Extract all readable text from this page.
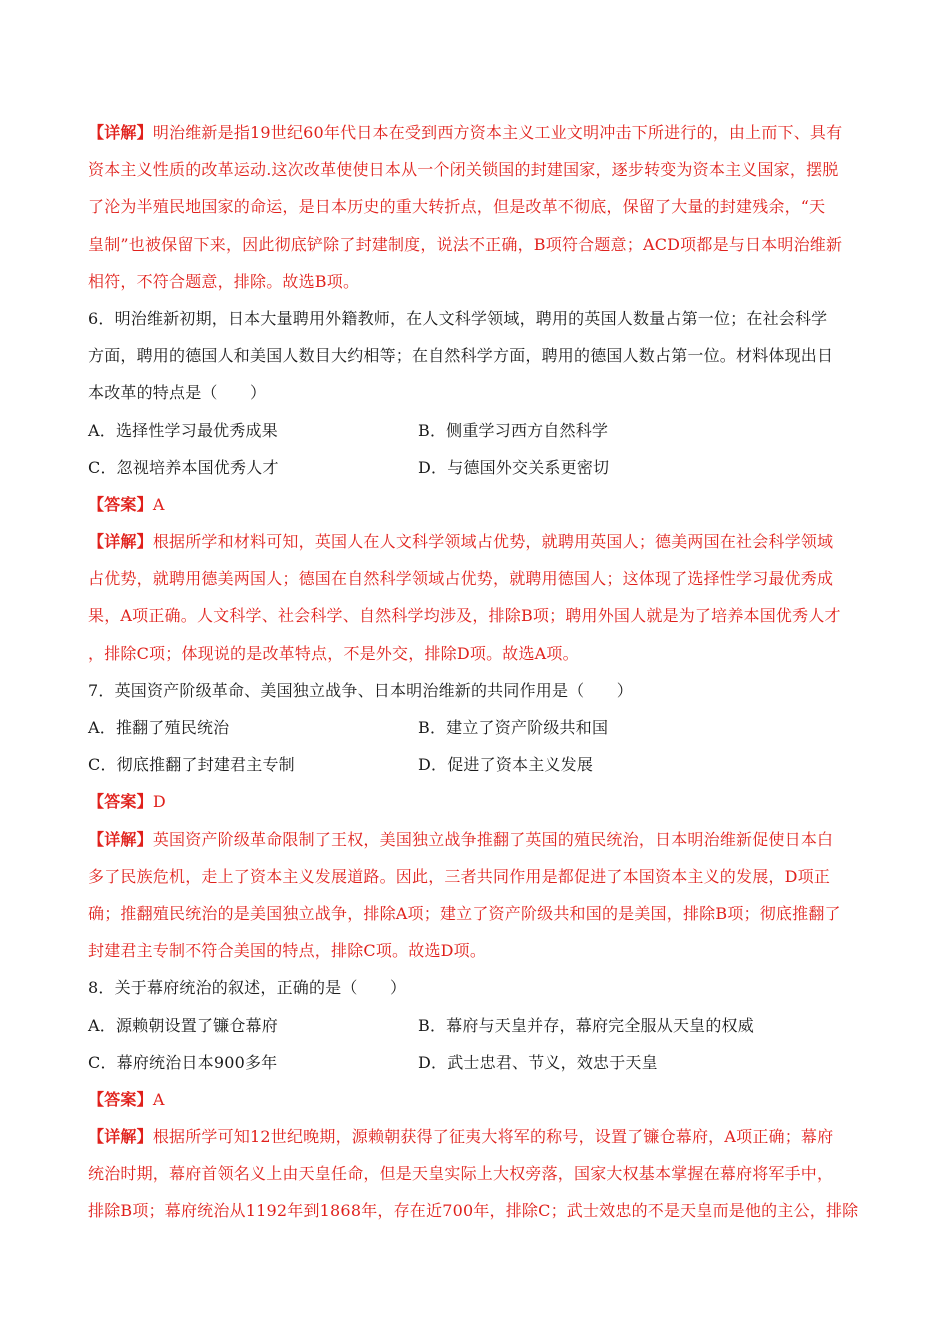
【详解】明治维新是指19世纪60年代日本在受到西方资本主义工业文明冲击下所进行的，由上而下、具有
资本主义性质的改革运动.这次改革使使日本从一个闭关锁国的封建国家，逐步转变为资本主义国家，摆脱
了沦为半殖民地国家的命运，是日本历史的重大转折点，但是改革不彻底，保留了大量的封建残余，“天
皇制”也被保留下来，因此彻底铲除了封建制度，说法不正确，B项符合题意；ACD项都是与日本明治维新
相符，不符合题意，排除。故选B项。
6．明治维新初期，日本大量聘用外籍教师，在人文科学领域，聘用的英国人数量占第一位；在社会科学
方面，聘用的德国人和美国人数目大约相等；在自然科学方面，聘用的德国人数占第一位。材料体现出日
本改革的特点是（　　）
A．选择性学习最优秀成果	B．侧重学习西方自然科学
C．忽视培养本国优秀人才	D．与德国外交关系更密切
【答案】A
【详解】根据所学和材料可知，英国人在人文科学领域占优势，就聘用英国人；德美两国在社会科学领域
占优势，就聘用德美两国人；德国在自然科学领域占优势，就聘用德国人；这体现了选择性学习最优秀成
果，A项正确。人文科学、社会科学、自然科学均涉及，排除B项；聘用外国人就是为了培养本国优秀人才
，排除C项；体现说的是改革特点，不是外交，排除D项。故选A项。
7．英国资产阶级革命、美国独立战争、日本明治维新的共同作用是（　　）
A．推翻了殖民统治	B．建立了资产阶级共和国
C．彻底推翻了封建君主专制	D．促进了资本主义发展
【答案】D
【详解】英国资产阶级革命限制了王权，美国独立战争推翻了英国的殖民统治，日本明治维新促使日本白
多了民族危机，走上了资本主义发展道路。因此，三者共同作用是都促进了本国资本主义的发展，D项正
确；推翻殖民统治的是美国独立战争，排除A项；建立了资产阶级共和国的是美国，排除B项；彻底推翻了
封建君主专制不符合美国的特点，排除C项。故选D项。
8．关于幕府统治的叙述，正确的是（　　）
A．源赖朝设置了镰仓幕府	B．幕府与天皇并存，幕府完全服从天皇的权威
C．幕府统治日本900多年	D．武士忠君、节义，效忠于天皇
【答案】A
【详解】根据所学可知12世纪晚期，源赖朝获得了征夷大将军的称号，设置了镰仓幕府，A项正确；幕府
统治时期，幕府首领名义上由天皇任命，但是天皇实际上大权旁落，国家大权基本掌握在幕府将军手中，
排除B项；幕府统治从1192年到1868年，存在近700年，排除C；武士效忠的不是天皇而是他的主公，排除
